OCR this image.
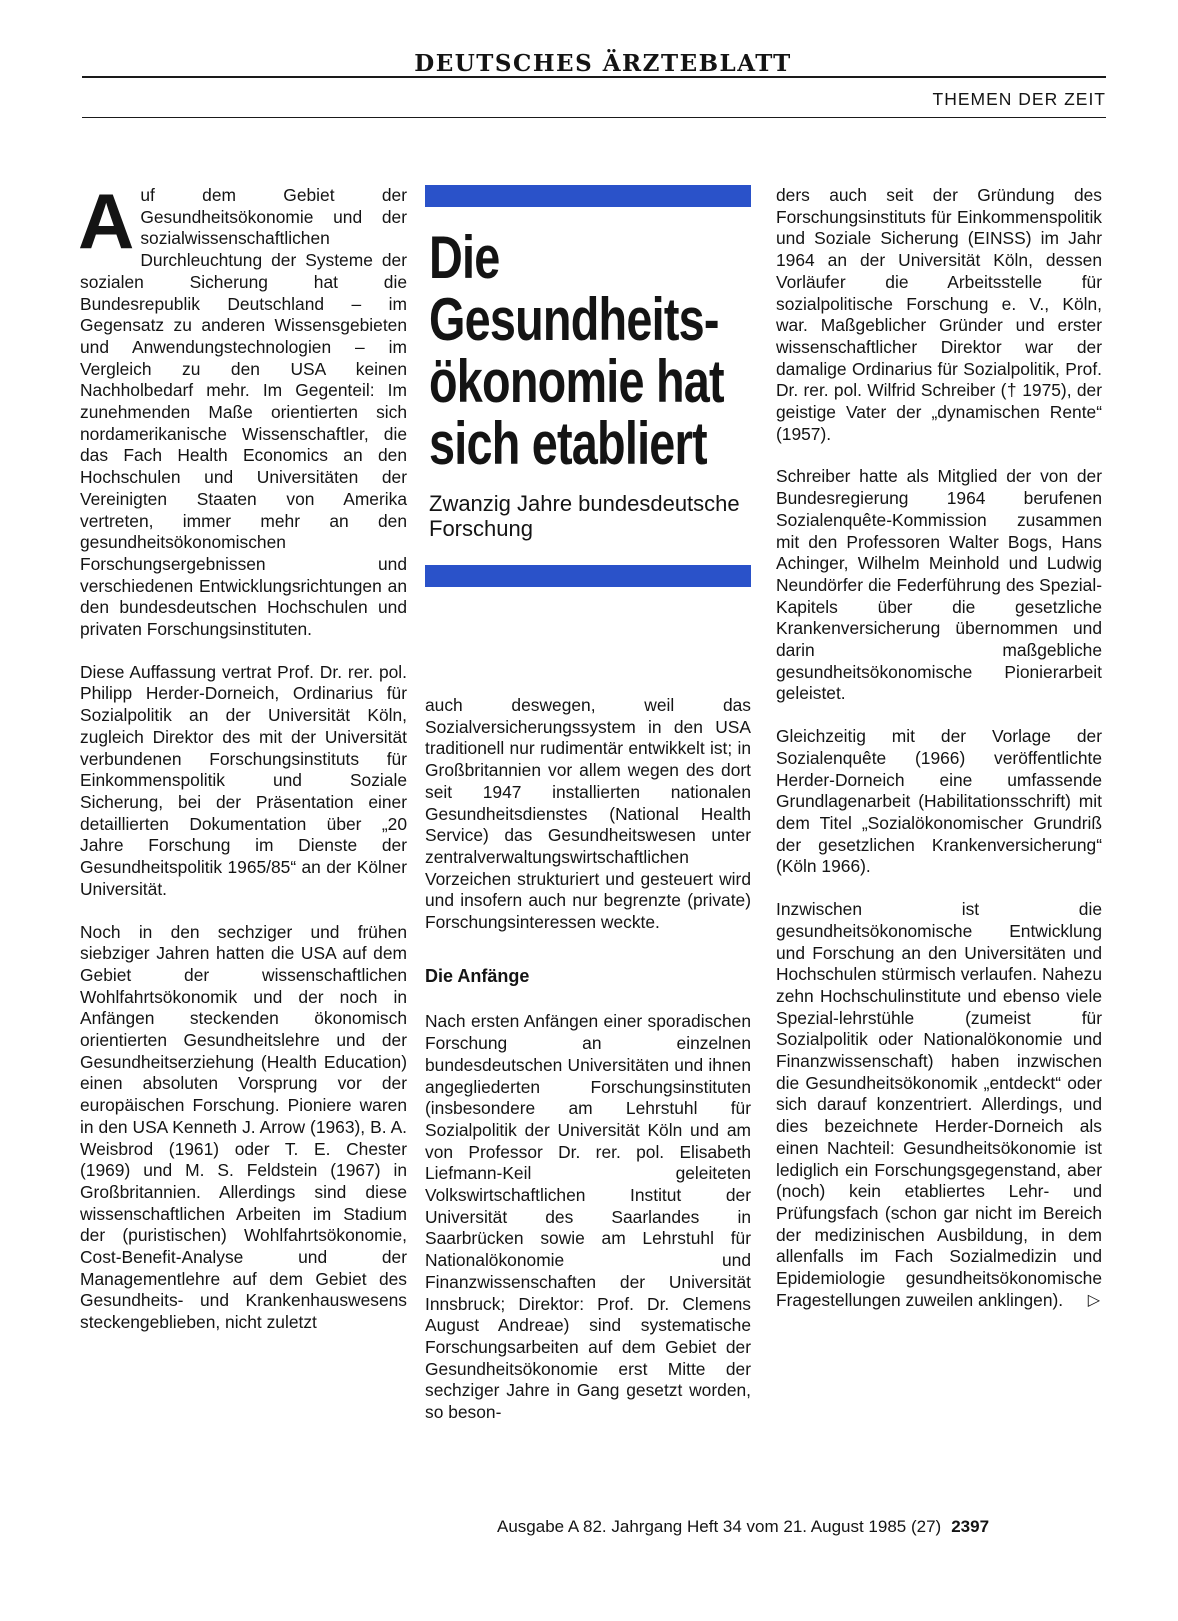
DEUTSCHES ÄRZTEBLATT
THEMEN DER ZEIT

Auf dem Gebiet der Gesundheitsökonomie und der sozialwissenschaftlichen Durchleuchtung der Systeme der sozialen Sicherung hat die Bundesrepublik Deutschland – im Gegensatz zu anderen Wissensgebieten und Anwendungstechnologien – im Vergleich zu den USA keinen Nachholbedarf mehr. Im Gegenteil: Im zunehmenden Maße orientierten sich nordamerikanische Wissenschaftler, die das Fach Health Economics an den Hochschulen und Universitäten der Vereinigten Staaten von Amerika vertreten, immer mehr an den gesundheitsökonomischen Forschungsergebnissen und verschiedenen Entwicklungsrichtungen an den bundesdeutschen Hochschulen und privaten Forschungsinstituten.

Diese Auffassung vertrat Prof. Dr. rer. pol. Philipp Herder-Dorneich, Ordinarius für Sozialpolitik an der Universität Köln, zugleich Direktor des mit der Universität verbundenen Forschungsinstituts für Einkommenspolitik und Soziale Sicherung, bei der Präsentation einer detaillierten Dokumentation über „20 Jahre Forschung im Dienste der Gesundheitspolitik 1965/85“ an der Kölner Universität.

Noch in den sechziger und frühen siebziger Jahren hatten die USA auf dem Gebiet der wissenschaftlichen Wohlfahrtsökonomik und der noch in Anfängen steckenden ökonomisch orientierten Gesundheitslehre und der Gesundheitserziehung (Health Education) einen absoluten Vorsprung vor der europäischen Forschung. Pioniere waren in den USA Kenneth J. Arrow (1963), B. A. Weisbrod (1961) oder T. E. Chester (1969) und M. S. Feldstein (1967) in Großbritannien. Allerdings sind diese wissenschaftlichen Arbeiten im Stadium der (puristischen) Wohlfahrtsökonomie, Cost-Benefit-Analyse und der Managementlehre auf dem Gebiet des Gesundheits- und Krankenhauswesens steckengeblieben, nicht zuletzt

Die Gesundheits-ökonomie hat sich etabliert
Zwanzig Jahre bundesdeutsche Forschung

auch deswegen, weil das Sozialversicherungssystem in den USA traditionell nur rudimentär entwikkelt ist; in Großbritannien vor allem wegen des dort seit 1947 installierten nationalen Gesundheitsdienstes (National Health Service) das Gesundheitswesen unter zentralverwaltungswirtschaftlichen Vorzeichen strukturiert und gesteuert wird und insofern auch nur begrenzte (private) Forschungsinteressen weckte.

Die Anfänge

Nach ersten Anfängen einer sporadischen Forschung an einzelnen bundesdeutschen Universitäten und ihnen angegliederten Forschungsinstituten (insbesondere am Lehrstuhl für Sozialpolitik der Universität Köln und am von Professor Dr. rer. pol. Elisabeth Liefmann-Keil geleiteten Volkswirtschaftlichen Institut der Universität des Saarlandes in Saarbrücken sowie am Lehrstuhl für Nationalökonomie und Finanzwissenschaften der Universität Innsbruck; Direktor: Prof. Dr. Clemens August Andreae) sind systematische Forschungsarbeiten auf dem Gebiet der Gesundheitsökonomie erst Mitte der sechziger Jahre in Gang gesetzt worden, so beson-

ders auch seit der Gründung des Forschungsinstituts für Einkommenspolitik und Soziale Sicherung (EINSS) im Jahr 1964 an der Universität Köln, dessen Vorläufer die Arbeitsstelle für sozialpolitische Forschung e. V., Köln, war. Maßgeblicher Gründer und erster wissenschaftlicher Direktor war der damalige Ordinarius für Sozialpolitik, Prof. Dr. rer. pol. Wilfrid Schreiber († 1975), der geistige Vater der „dynamischen Rente“ (1957).

Schreiber hatte als Mitglied der von der Bundesregierung 1964 berufenen Sozialenquête-Kommission zusammen mit den Professoren Walter Bogs, Hans Achinger, Wilhelm Meinhold und Ludwig Neundörfer die Federführung des Spezial-Kapitels über die gesetzliche Krankenversicherung übernommen und darin maßgebliche gesundheitsökonomische Pionierarbeit geleistet.

Gleichzeitig mit der Vorlage der Sozialenquête (1966) veröffentlichte Herder-Dorneich eine umfassende Grundlagenarbeit (Habilitationsschrift) mit dem Titel „Sozialökonomischer Grundriß der gesetzlichen Krankenversicherung“ (Köln 1966).

Inzwischen ist die gesundheitsökonomische Entwicklung und Forschung an den Universitäten und Hochschulen stürmisch verlaufen. Nahezu zehn Hochschulinstitute und ebenso viele Spezial-lehrstühle (zumeist für Sozialpolitik oder Nationalökonomie und Finanzwissenschaft) haben inzwischen die Gesundheitsökonomik „entdeckt“ oder sich darauf konzentriert. Allerdings, und dies bezeichnete Herder-Dorneich als einen Nachteil: Gesundheitsökonomie ist lediglich ein Forschungsgegenstand, aber (noch) kein etabliertes Lehr- und Prüfungsfach (schon gar nicht im Bereich der medizinischen Ausbildung, in dem allenfalls im Fach Sozialmedizin und Epidemiologie gesundheitsökonomische Fragestellungen zuweilen anklingen). ▷

Ausgabe A 82. Jahrgang Heft 34 vom 21. August 1985 (27) 2397
